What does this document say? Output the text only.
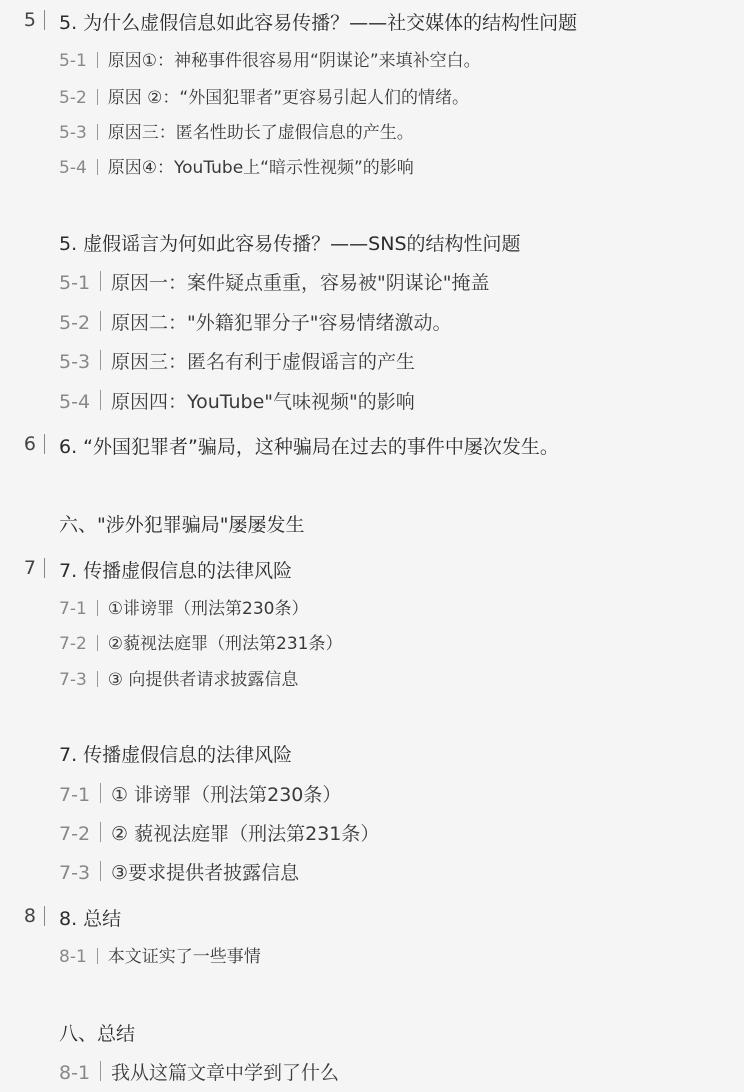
5 5. 为什么虚假信息如此容易传播？——社交媒体的结构性问题
5-1 原因①：神秘事件很容易用“阴谋论”来填补空白。
5-2 原因 ②：“外国犯罪者”更容易引起人们的情绪。
5-3 原因三：匿名性助长了虚假信息的产生。
5-4 原因④：YouTube上“暗示性视频”的影响
5. 虚假谣言为何如此容易传播？——SNS的结构性问题
5-1 原因一：案件疑点重重，容易被"阴谋论"掩盖
5-2 原因二："外籍犯罪分子"容易情绪激动。
5-3 原因三：匿名有利于虚假谣言的产生
5-4 原因四：YouTube"气味视频"的影响
6 6. “外国犯罪者”骗局，这种骗局在过去的事件中屡次发生。
六、"涉外犯罪骗局"屡屡发生
7 7. 传播虚假信息的法律风险
7-1 ①诽谤罪（刑法第230条）
7-2 ②藐视法庭罪（刑法第231条）
7-3 ③ 向提供者请求披露信息
7. 传播虚假信息的法律风险
7-1 ① 诽谤罪（刑法第230条）
7-2 ② 藐视法庭罪（刑法第231条）
7-3 ③要求提供者披露信息
8 8. 总结
8-1 本文证实了一些事情
八、总结
8-1 我从这篇文章中学到了什么
